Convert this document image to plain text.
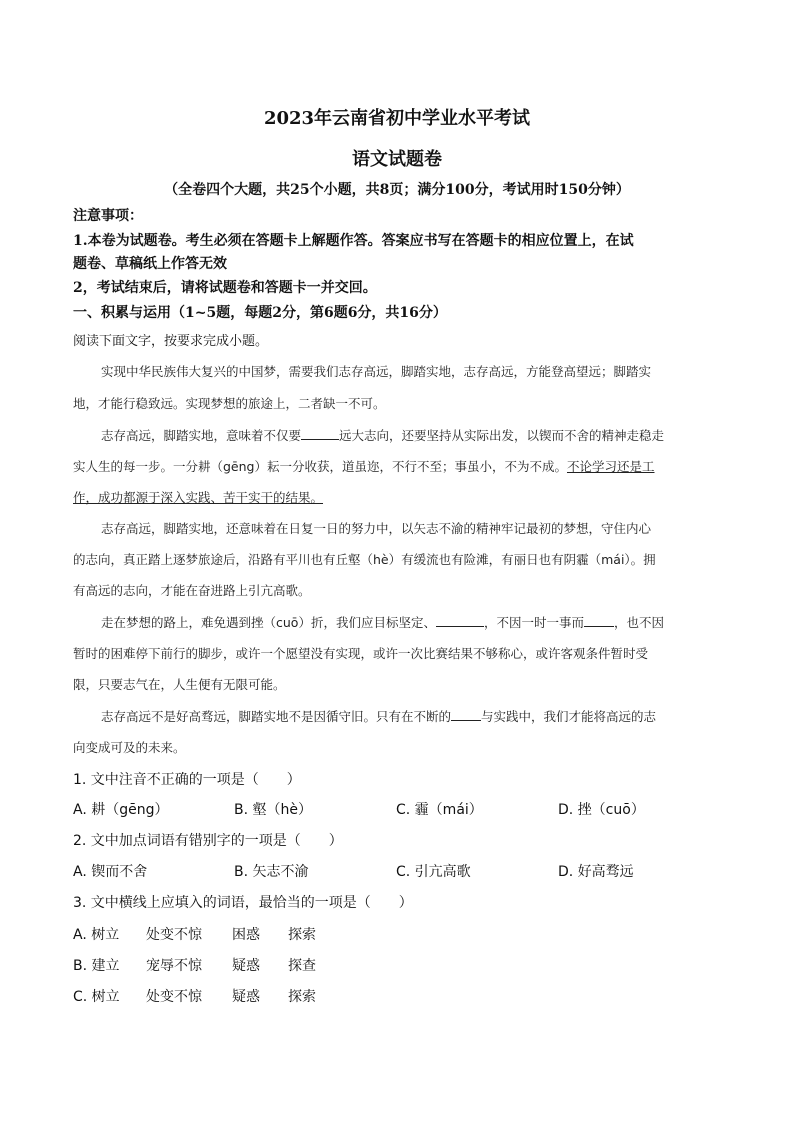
2023年云南省初中学业水平考试
语文试题卷
（全卷四个大题，共25个小题，共8页；满分100分，考试用时150分钟）
注意事项：
1.本卷为试题卷。考生必须在答题卡上解题作答。答案应书写在答题卡的相应位置上，在试
题卷、草稿纸上作答无效
2，考试结束后，请将试题卷和答题卡一并交回。
一、积累与运用（1~5题，每题2分，第6题6分，共16分）
阅读下面文字，按要求完成小题。
实现中华民族伟大复兴的中国梦，需要我们志存高远，脚踏实地，志存高远，方能登高望远；脚踏实
地，才能行稳致远。实现梦想的旅途上，二者缺一不可。
志存高远，脚踏实地，意味着不仅要	远大志向，还要坚持从实际出发，以锲而不舍的精神走稳走
实人生的每一步。一分耕（gēng）耘一分收获，道虽迩，不行不至；事虽小，不为不成。不论学习还是工
作，成功都源于深入实践、苦干实干的结果。
志存高远，脚踏实地，还意味着在日复一日的努力中，以矢志不渝的精神牢记最初的梦想，守住内心
的志向，真正踏上逐梦旅途后，沿路有平川也有丘壑（hè）有缓流也有险滩，有丽日也有阴霾（mái）。拥
有高远的志向，才能在奋进路上引亢高歌。
走在梦想的路上，难免遇到挫（cuō）折，我们应目标坚定、	，不因一时一事而 ，也不因
暂时的困难停下前行的脚步，或许一个愿望没有实现，或许一次比赛结果不够称心，或许客观条件暂时受
限，只要志气在，人生便有无限可能。
志存高远不是好高骛远，脚踏实地不是因循守旧。只有在不断的 与实践中，我们才能将高远的志
向变成可及的未来。
1. 文中注音不正确的一项是（　　）
A. 耕（gēng）	B. 壑（hè）	C. 霾（mái）	D. 挫（cuō）
2. 文中加点词语有错别字的一项是（　　）
A. 锲而不舍	B. 矢志不渝	C. 引亢高歌	D. 好高骛远
3. 文中横线上应填入的词语，最恰当的一项是（　　）
A. 树立 处变不惊 困惑 探索
B. 建立 宠辱不惊 疑惑 探查
C. 树立 处变不惊 疑惑 探索
